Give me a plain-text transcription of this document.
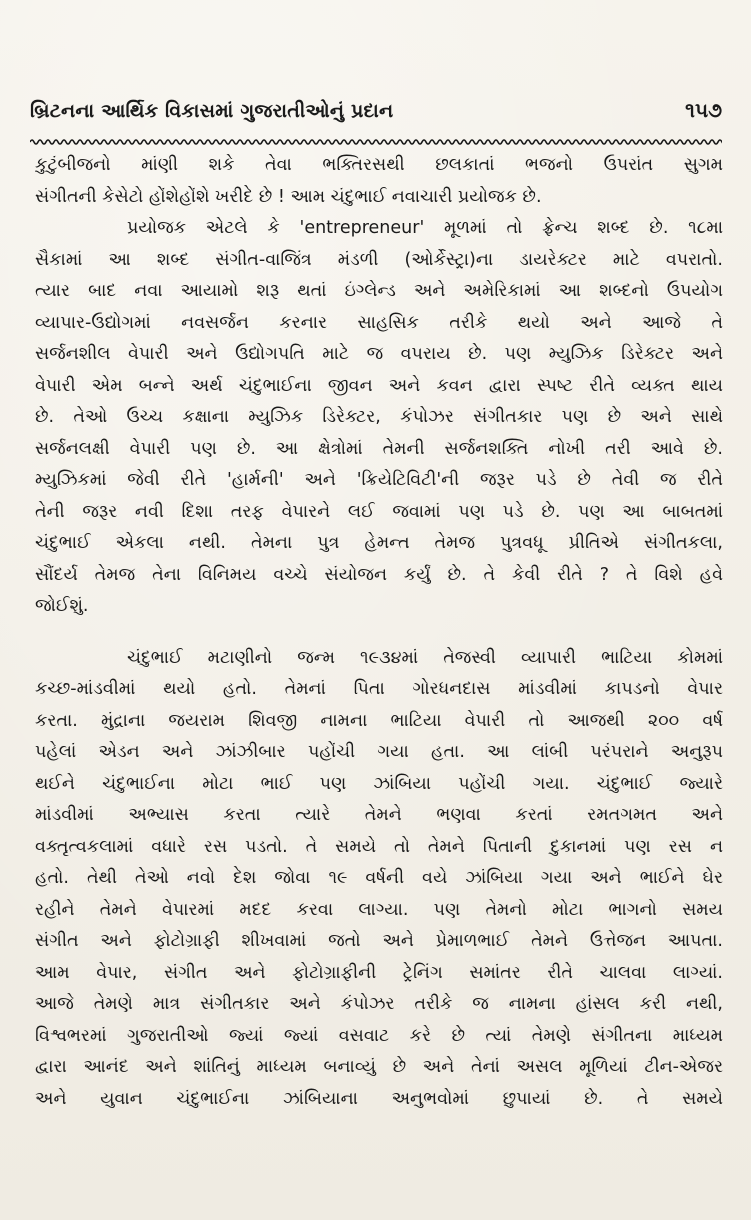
બ્રિટનના આર્થિક વિકાસમાં ગુજરાતીઓનું પ્રદાન	૧૫૭
કુટુંબીજનો માંણી શકે તેવા ભક્તિરસથી છલકાતાં ભજનો ઉપરાંત સુગમ
સંગીતની કેસેટો હોંશેહોંશે ખરીદે છે ! આમ ચંદુભાઈ નવાચારી પ્રયોજક છે.
પ્રયોજક એટલે કે 'entrepreneur' મૂળમાં તો ફ્રેન્ચ શબ્દ છે. ૧૮મા
સૈકામાં આ શબ્દ સંગીત-વાજિંત્ર મંડળી (ઓર્કેસ્ટ્રા)ના ડાયરેક્ટર માટે વપરાતો.
ત્યાર બાદ નવા આયામો શરૂ થતાં ઇંગ્લેન્ડ અને અમેરિકામાં આ શબ્દનો ઉપયોગ
વ્યાપાર-ઉદ્યોગમાં નવસર્જન કરનાર સાહસિક તરીકે થયો અને આજે તે
સર્જનશીલ વેપારી અને ઉદ્યોગપતિ માટે જ વપરાય છે. પણ મ્યુઝિક ડિરેક્ટર અને
વેપારી એમ બન્ને અર્થ ચંદુભાઈના જીવન અને કવન દ્વારા સ્પષ્ટ રીતે વ્યક્ત થાય
છે. તેઓ ઉચ્ચ કક્ષાના મ્યુઝિક ડિરેક્ટર, કંપોઝર સંગીતકાર પણ છે અને સાથે
સર્જનલક્ષી વેપારી પણ છે. આ ક્ષેત્રોમાં તેમની સર્જનશક્તિ નોખી તરી આવે છે.
મ્યુઝિકમાં જેવી રીતે 'હાર્મની' અને 'ક્રિયેટિવિટી'ની જરૂર પડે છે તેવી જ રીતે
તેની જરૂર નવી દિશા તરફ વેપારને લઈ જવામાં પણ પડે છે. પણ આ બાબતમાં
ચંદુભાઈ એકલા નથી. તેમના પુત્ર હેમન્ત તેમજ પુત્રવધૂ પ્રીતિએ સંગીતકલા,
સૌંદર્ય તેમજ તેના વિનિમય વચ્ચે સંયોજન કર્યું છે. તે કેવી રીતે ? તે વિશે હવે
જોઈશું.
ચંદુભાઈ મટાણીનો જન્મ ૧૯૩૪માં તેજસ્વી વ્યાપારી ભાટિયા કોમમાં
કચ્છ-માંડવીમાં થયો હતો. તેમનાં પિતા ગોરધનદાસ માંડવીમાં કાપડનો વેપાર
કરતા. મુંદ્રાના જયરામ શિવજી નામના ભાટિયા વેપારી તો આજથી ૨૦૦ વર્ષ
પહેલાં એડન અને ઝાંઝીબાર પહોંચી ગયા હતા. આ લાંબી પરંપરાને અનુરૂપ
થઈને ચંદુભાઈના મોટા ભાઈ પણ ઝાંબિયા પહોંચી ગયા. ચંદુભાઈ જ્યારે
માંડવીમાં અભ્યાસ કરતા ત્યારે તેમને ભણવા કરતાં રમતગમત અને
વક્તૃત્વકલામાં વધારે રસ પડતો. તે સમયે તો તેમને પિતાની દુકાનમાં પણ રસ ન
હતો. તેથી તેઓ નવો દેશ જોવા ૧૯ વર્ષની વયે ઝાંબિયા ગયા અને ભાઈને ઘેર
રહીને તેમને વેપારમાં મદદ કરવા લાગ્યા. પણ તેમનો મોટા ભાગનો સમય
સંગીત અને ફોટોગ્રાફી શીખવામાં જતો અને પ્રેમાળભાઈ તેમને ઉત્તેજન આપતા.
આમ વેપાર, સંગીત અને ફોટોગ્રાફીની ટ્રેનિંગ સમાંતર રીતે ચાલવા લાગ્યાં.
આજે તેમણે માત્ર સંગીતકાર અને કંપોઝર તરીકે જ નામના હાંસલ કરી નથી,
વિશ્વભરમાં ગુજરાતીઓ જ્યાં જ્યાં વસવાટ કરે છે ત્યાં તેમણે સંગીતના માધ્યમ
દ્વારા આનંદ અને શાંતિનું માધ્યમ બનાવ્યું છે અને તેનાં અસલ મૂળિયાં ટીન-એજર
અને યુવાન ચંદુભાઈના ઝાંબિયાના અનુભવોમાં છુપાયાં છે. તે સમયે
